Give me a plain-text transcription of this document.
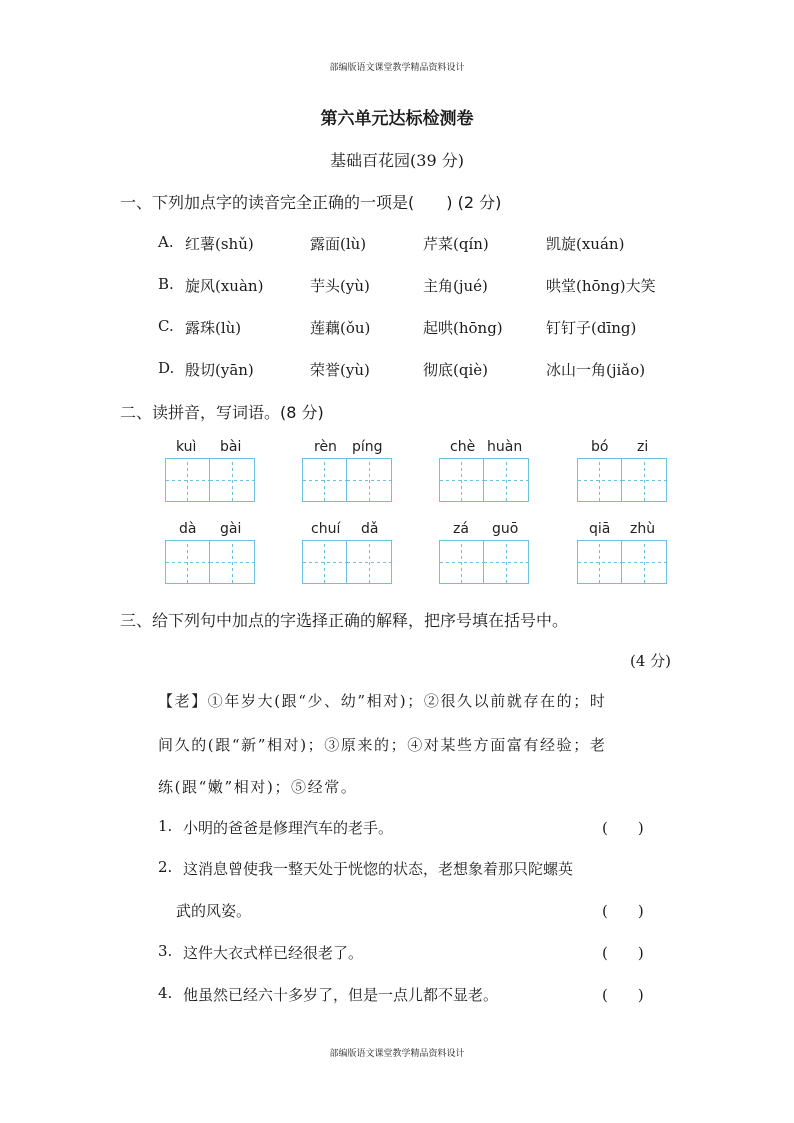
部编版语文课堂教学精品资料设计
部编版语文课堂教学精品资料设计
第六单元达标检测卷
基础百花园(39 分)
一、下列加点字的读音完全正确的一项是(　　) (2 分)
A. 红薯(shǔ)	露面(lù)	芹菜(qín)	凯旋(xuán)
B. 旋风(xuàn)	芋头(yù)	主角(jué)	哄堂(hōng)大笑
C. 露珠(lù)	莲藕(ǒu)	起哄(hōng)	钉钉子(dīng)
D. 殷切(yān)	荣誉(yù)	彻底(qiè)	冰山一角(jiǎo)
二、读拼音，写词语。(8 分)
kuì bài	rèn píng	chè huàn	bó zi
dà gài	chuí dǎ	zá guō	qiā zhù
三、给下列句中加点的字选择正确的解释，把序号填在括号中。
(4 分)
【老】①年岁大(跟“少、幼”相对)；②很久以前就存在的；时
间久的(跟“新”相对)；③原来的；④对某些方面富有经验；老
练(跟“嫩”相对)；⑤经常。
1. 小明的爸爸是修理汽车的老手。	(　　)
2. 这消息曾使我一整天处于恍惚的状态，老想象着那只陀螺英
武的风姿。	(　　)
3. 这件大衣式样已经很老了。	(　　)
4. 他虽然已经六十多岁了，但是一点儿都不显老。	(　　)
